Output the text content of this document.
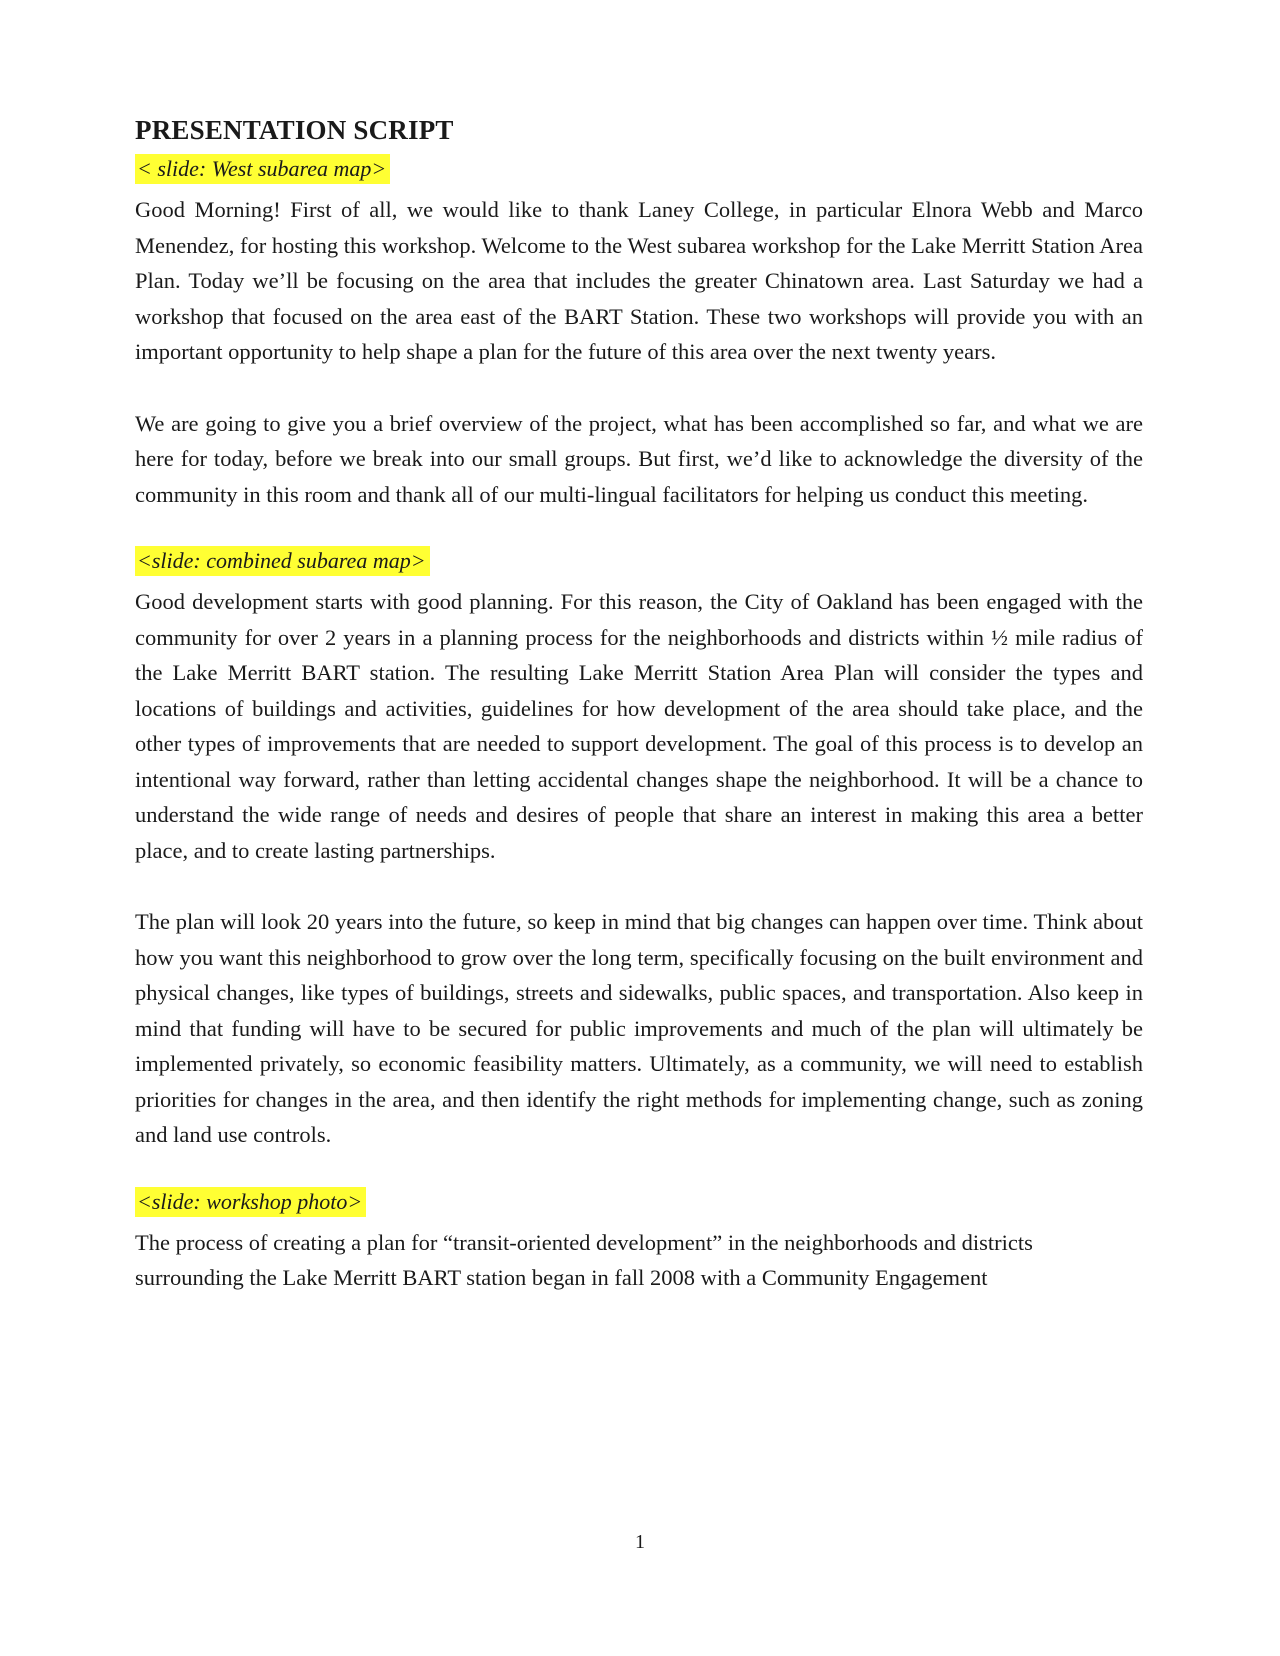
PRESENTATION SCRIPT
< slide: West subarea map>

Good Morning! First of all, we would like to thank Laney College, in particular Elnora Webb and Marco Menendez, for hosting this workshop. Welcome to the West subarea workshop for the Lake Merritt Station Area Plan. Today we’ll be focusing on the area that includes the greater Chinatown area. Last Saturday we had a workshop that focused on the area east of the BART Station. These two workshops will provide you with an important opportunity to help shape a plan for the future of this area over the next twenty years.

We are going to give you a brief overview of the project, what has been accomplished so far, and what we are here for today, before we break into our small groups. But first, we’d like to acknowledge the diversity of the community in this room and thank all of our multi-lingual facilitators for helping us conduct this meeting.

<slide: combined subarea map>

Good development starts with good planning. For this reason, the City of Oakland has been engaged with the community for over 2 years in a planning process for the neighborhoods and districts within ½ mile radius of the Lake Merritt BART station. The resulting Lake Merritt Station Area Plan will consider the types and locations of buildings and activities, guidelines for how development of the area should take place, and the other types of improvements that are needed to support development. The goal of this process is to develop an intentional way forward, rather than letting accidental changes shape the neighborhood. It will be a chance to understand the wide range of needs and desires of people that share an interest in making this area a better place, and to create lasting partnerships.

The plan will look 20 years into the future, so keep in mind that big changes can happen over time. Think about how you want this neighborhood to grow over the long term, specifically focusing on the built environment and physical changes, like types of buildings, streets and sidewalks, public spaces, and transportation. Also keep in mind that funding will have to be secured for public improvements and much of the plan will ultimately be implemented privately, so economic feasibility matters. Ultimately, as a community, we will need to establish priorities for changes in the area, and then identify the right methods for implementing change, such as zoning and land use controls.

<slide: workshop photo>

The process of creating a plan for “transit-oriented development” in the neighborhoods and districts surrounding the Lake Merritt BART station began in fall 2008 with a Community Engagement

1
